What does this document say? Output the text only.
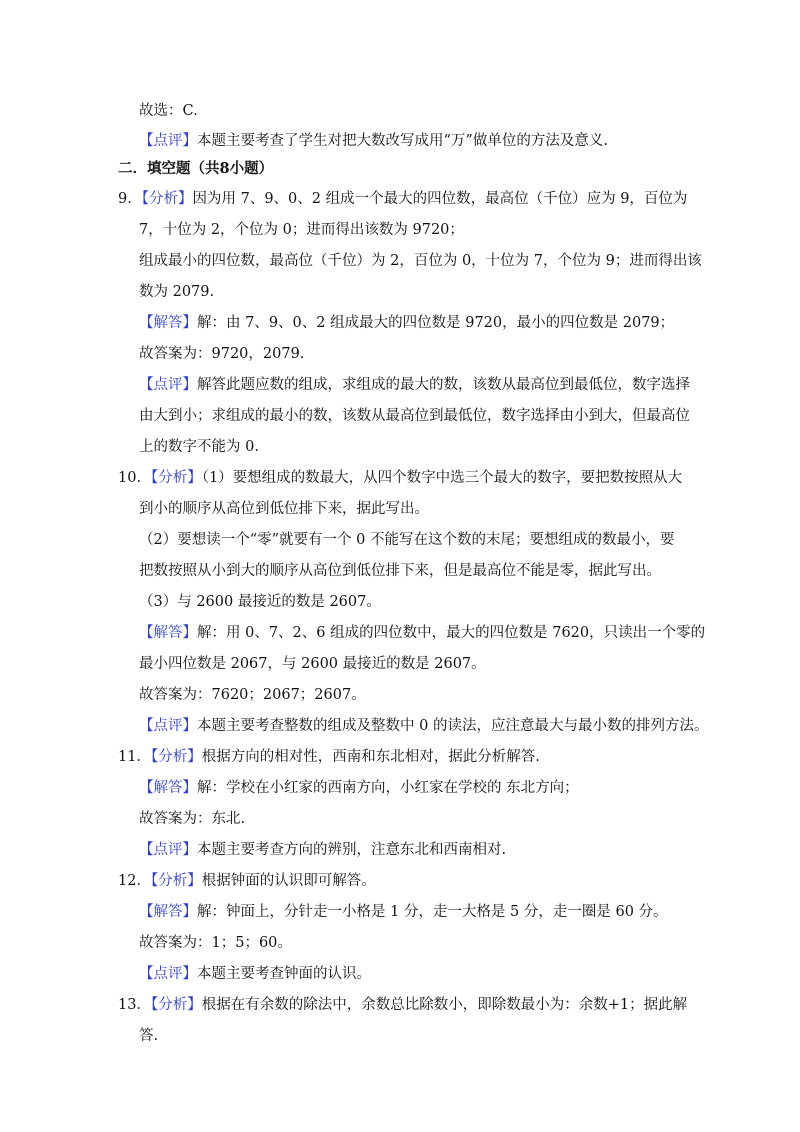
故选：C.
【点评】本题主要考查了学生对把大数改写成用“万”做单位的方法及意义.
二．填空题（共8小题）
9．【分析】因为用 7、9、0、2 组成一个最大的四位数，最高位（千位）应为 9，百位为
7，十位为 2，个位为 0；进而得出该数为 9720；
组成最小的四位数，最高位（千位）为 2，百位为 0，十位为 7，个位为 9；进而得出该
数为 2079.
【解答】解：由 7、9、0、2 组成最大的四位数是 9720，最小的四位数是 2079；
故答案为：9720，2079.
【点评】解答此题应数的组成，求组成的最大的数，该数从最高位到最低位，数字选择
由大到小；求组成的最小的数，该数从最高位到最低位，数字选择由小到大，但最高位
上的数字不能为 0.
10．【分析】（1）要想组成的数最大，从四个数字中选三个最大的数字，要把数按照从大
到小的顺序从高位到低位排下来，据此写出。
（2）要想读一个“零”就要有一个 0 不能写在这个数的末尾；要想组成的数最小，要
把数按照从小到大的顺序从高位到低位排下来，但是最高位不能是零，据此写出。
（3）与 2600 最接近的数是 2607。
【解答】解：用 0、7、2、6 组成的四位数中，最大的四位数是 7620，只读出一个零的
最小四位数是 2067，与 2600 最接近的数是 2607。
故答案为：7620；2067；2607。
【点评】本题主要考查整数的组成及整数中 0 的读法，应注意最大与最小数的排列方法。
11．【分析】根据方向的相对性，西南和东北相对，据此分析解答.
【解答】解：学校在小红家的西南方向，小红家在学校的 东北方向；
故答案为：东北.
【点评】本题主要考查方向的辨别，注意东北和西南相对.
12．【分析】根据钟面的认识即可解答。
【解答】解：钟面上，分针走一小格是 1 分，走一大格是 5 分，走一圈是 60 分。
故答案为：1；5；60。
【点评】本题主要考查钟面的认识。
13．【分析】根据在有余数的除法中，余数总比除数小，即除数最小为：余数+1；据此解
答.
